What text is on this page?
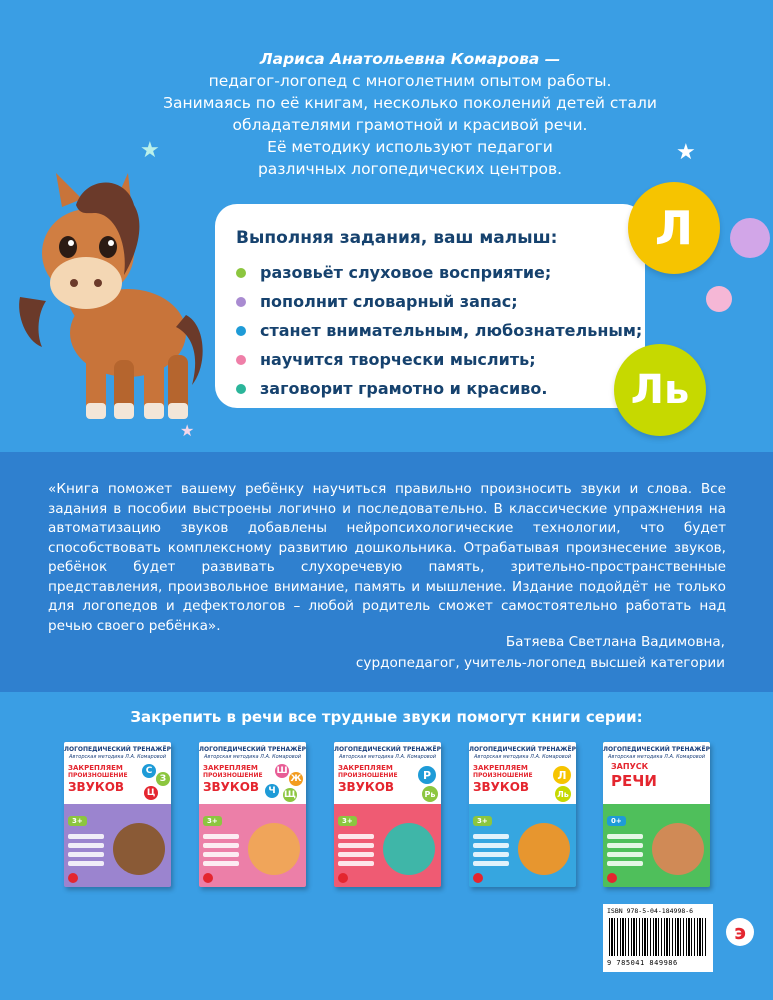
Лариса Анатольевна Комарова —
педагог-логопед с многолетним опытом работы.
Занимаясь по её книгам, несколько поколений детей стали
обладателями грамотной и красивой речи.
Её методику используют педагоги
различных логопедических центров.
★	★
★
Выполняя задания, ваш малыш:
разовьёт слуховое восприятие;
пополнит словарный запас;
станет внимательным, любознательным;
научится творчески мыслить;
заговорит грамотно и красиво.
Л
Ль
«Книга поможет вашему ребёнку научиться правильно произносить звуки и слова. Все задания в пособии выстроены логично и последовательно. В классические упражнения на автоматизацию звуков добавлены нейропсихологические технологии, что будет способствовать комплексному развитию дошкольника. Отрабатывая произнесение звуков, ребёнок будет развивать слухоречевую память, зрительно-пространственные представления, произвольное внимание, память и мышление. Издание подойдёт не только для логопедов и дефектологов – любой родитель сможет самостоятельно работать над речью своего ребёнка».
Батяева Светлана Вадимовна,
сурдопедагог, учитель-логопед высшей категории
Закрепить в речи все трудные звуки помогут книги серии:
ЛОГОПЕДИЧЕСКИЙ ТРЕНАЖЁР
Авторская методика Л.А. Комаровой
ЗАКРЕПЛЯЕМ
ПРОИЗНОШЕНИЕ
ЗВУКОВ
С
З
Ц
3+
ЛОГОПЕДИЧЕСКИЙ ТРЕНАЖЁР
Авторская методика Л.А. Комаровой
ЗАКРЕПЛЯЕМ
ПРОИЗНОШЕНИЕ
ЗВУКОВ
Ш
Ж
Ч Щ
3+
ЛОГОПЕДИЧЕСКИЙ ТРЕНАЖЁР
Авторская методика Л.А. Комаровой
ЗАКРЕПЛЯЕМ
ПРОИЗНОШЕНИЕ
ЗВУКОВ
Р
Рь
3+
ЛОГОПЕДИЧЕСКИЙ ТРЕНАЖЁР
Авторская методика Л.А. Комаровой
ЗАКРЕПЛЯЕМ
ПРОИЗНОШЕНИЕ
ЗВУКОВ
Л
Ль
3+
ЛОГОПЕДИЧЕСКИЙ ТРЕНАЖЁР
Авторская методика Л.А. Комаровой
ЗАПУСК
РЕЧИ
0+
ISBN 978-5-04-184998-6
9 785041 849986
э
